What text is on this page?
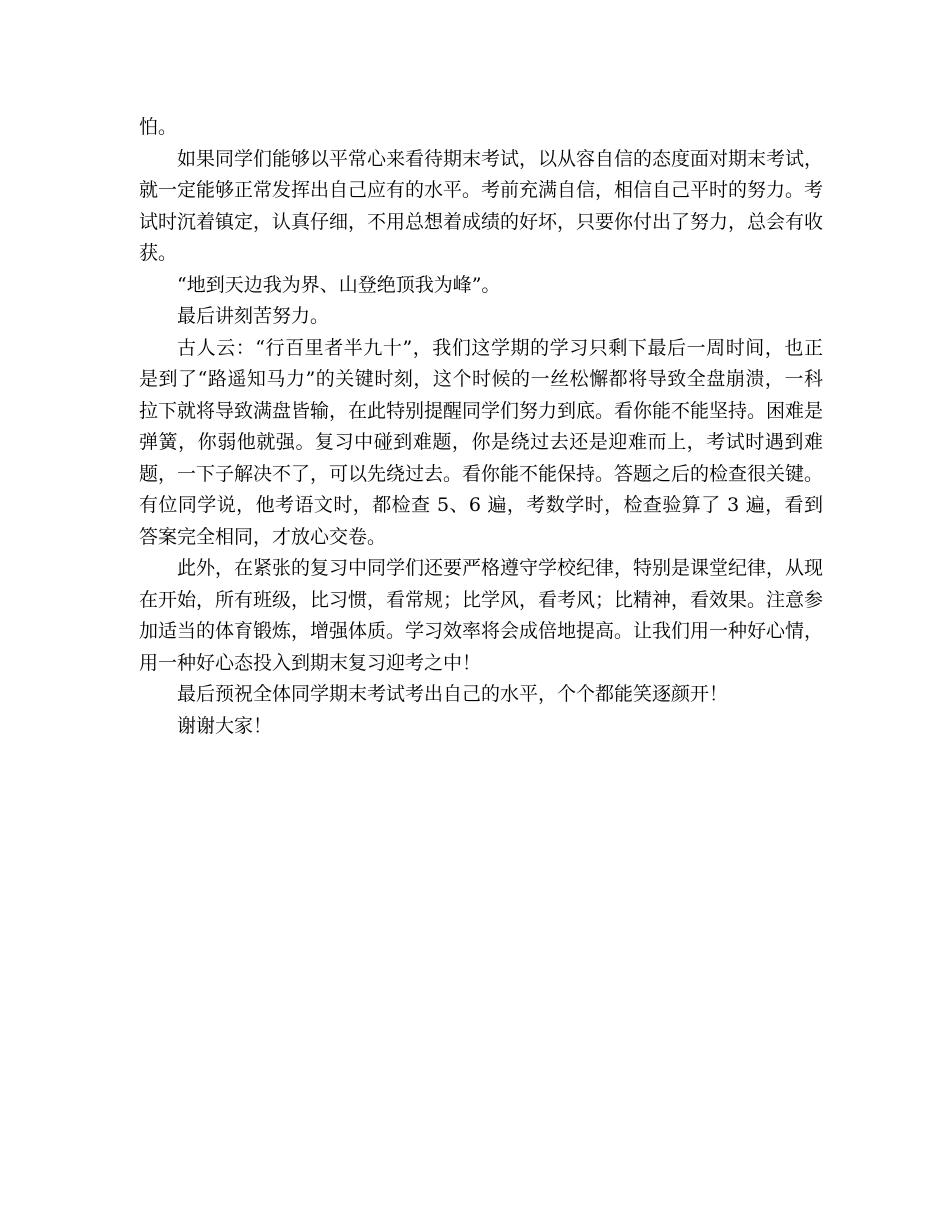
怕。

如果同学们能够以平常心来看待期末考试，以从容自信的态度面对期末考试，就一定能够正常发挥出自己应有的水平。考前充满自信，相信自己平时的努力。考试时沉着镇定，认真仔细，不用总想着成绩的好坏，只要你付出了努力，总会有收获。

“地到天边我为界、山登绝顶我为峰”。

最后讲刻苦努力。

古人云：“行百里者半九十”，我们这学期的学习只剩下最后一周时间，也正是到了“路遥知马力”的关键时刻，这个时候的一丝松懈都将导致全盘崩溃，一科拉下就将导致满盘皆输，在此特别提醒同学们努力到底。看你能不能坚持。困难是弹簧，你弱他就强。复习中碰到难题，你是绕过去还是迎难而上，考试时遇到难题，一下子解决不了，可以先绕过去。看你能不能保持。答题之后的检查很关键。有位同学说，他考语文时，都检查 5、6 遍，考数学时，检查验算了 3 遍，看到答案完全相同，才放心交卷。

此外，在紧张的复习中同学们还要严格遵守学校纪律，特别是课堂纪律，从现在开始，所有班级，比习惯，看常规；比学风，看考风；比精神，看效果。注意参加适当的体育锻炼，增强体质。学习效率将会成倍地提高。让我们用一种好心情，用一种好心态投入到期末复习迎考之中！

最后预祝全体同学期末考试考出自己的水平，个个都能笑逐颜开！

谢谢大家！
